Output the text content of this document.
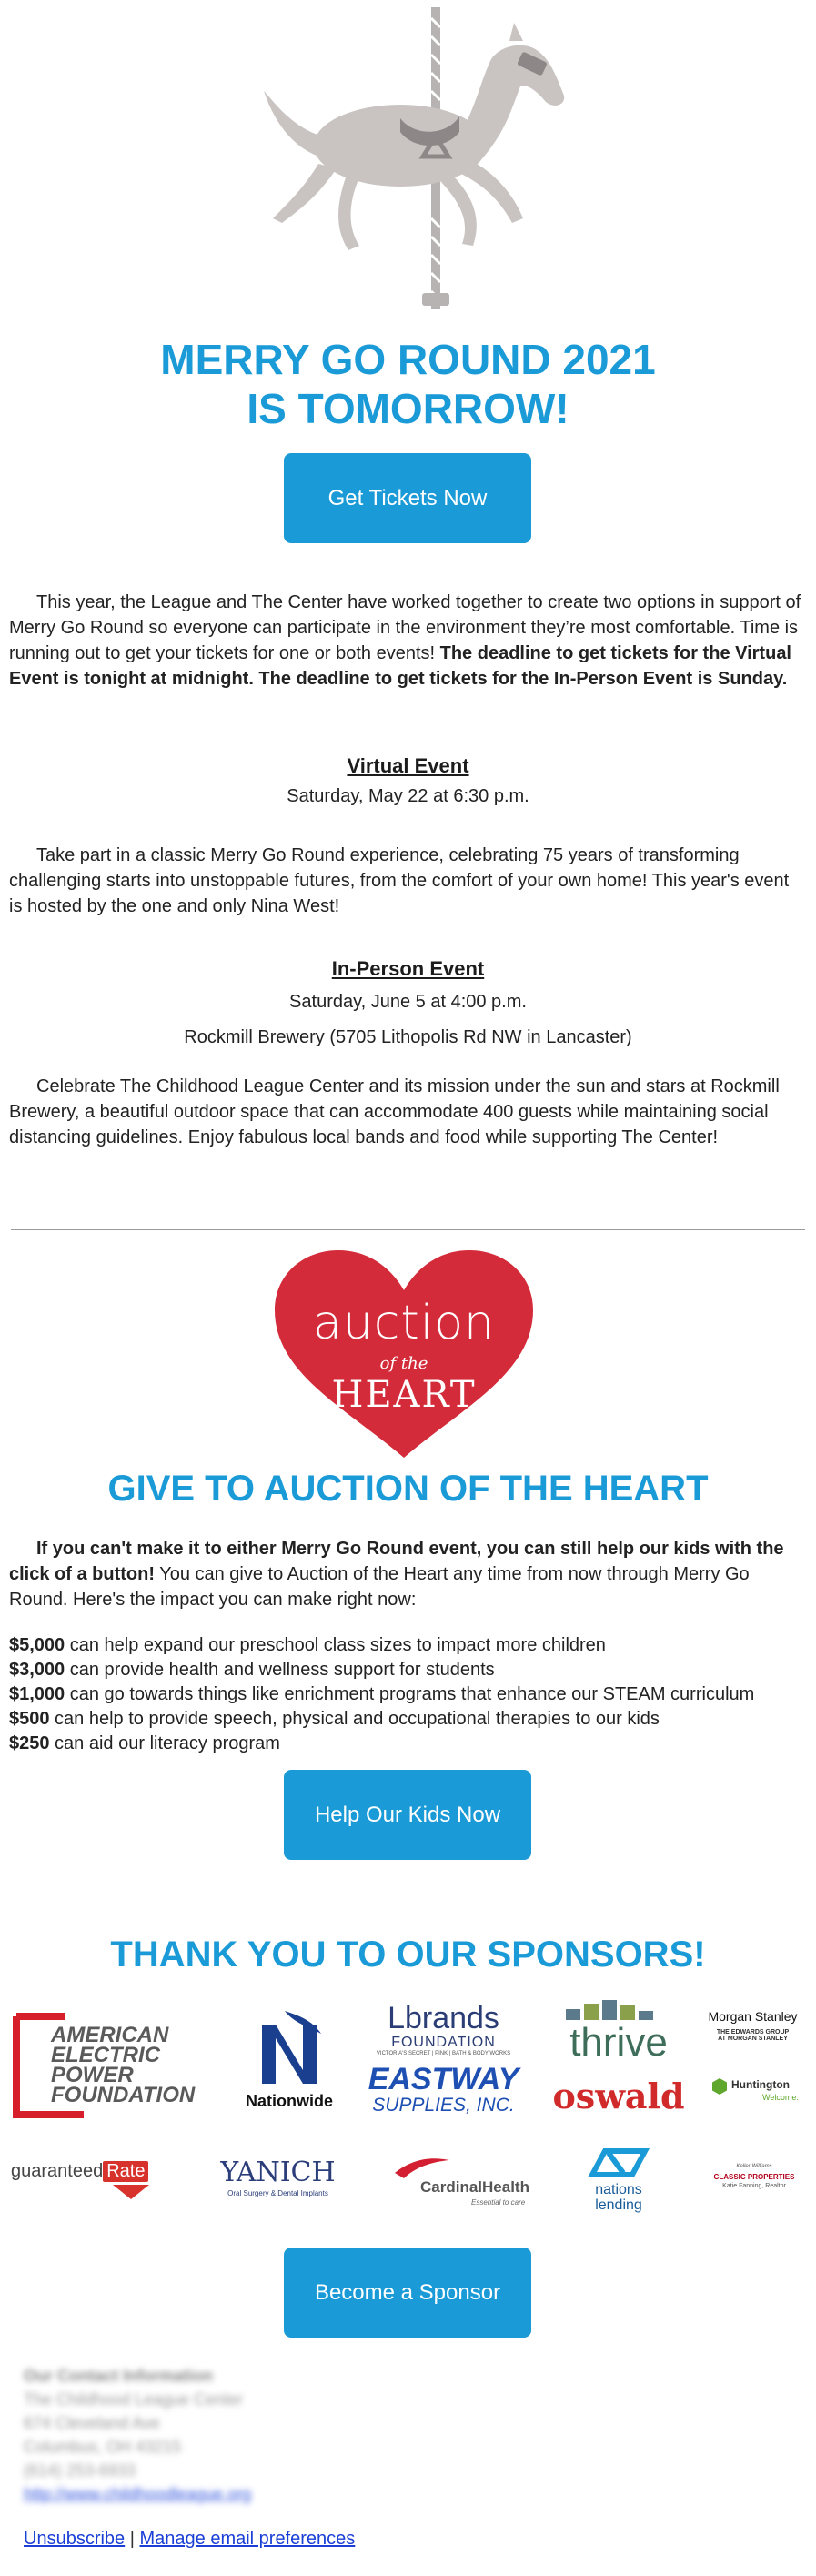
MERRY GO ROUND 2021
IS TOMORROW!
Get Tickets Now
This year, the League and The Center have worked together to create two options in support of Merry Go Round so everyone can participate in the environment they’re most comfortable. Time is running out to get your tickets for one or both events! The deadline to get tickets for the Virtual Event is tonight at midnight. The deadline to get tickets for the In-Person Event is Sunday.
Virtual Event
Saturday, May 22 at 6:30 p.m.
Take part in a classic Merry Go Round experience, celebrating 75 years of transforming challenging starts into unstoppable futures, from the comfort of your own home! This year's event is hosted by the one and only Nina West!
In-Person Event
Saturday, June 5 at 4:00 p.m.
Rockmill Brewery (5705 Lithopolis Rd NW in Lancaster)
Celebrate The Childhood League Center and its mission under the sun and stars at Rockmill Brewery, a beautiful outdoor space that can accommodate 400 guests while maintaining social distancing guidelines. Enjoy fabulous local bands and food while supporting The Center!
auction
of the
HEART
GIVE TO AUCTION OF THE HEART
If you can't make it to either Merry Go Round event, you can still help our kids with the click of a button! You can give to Auction of the Heart any time from now through Merry Go Round. Here's the impact you can make right now:
$5,000 can help expand our preschool class sizes to impact more children
$3,000 can provide health and wellness support for students
$1,000 can go towards things like enrichment programs that enhance our STEAM curriculum
$500 can help to provide speech, physical and occupational therapies to our kids
$250 can aid our literacy program
Help Our Kids Now
THANK YOU TO OUR SPONSORS!
AMERICAN
ELECTRIC
POWER
FOUNDATION	Nationwide
Lbrands
FOUNDATION
VICTORIA'S SECRET | PINK | BATH & BODY WORKS
EASTWAY
SUPPLIES, INC.
thrive
oswald
Morgan Stanley
THE EDWARDS GROUP
AT MORGAN STANLEY
Huntington
Welcome.
guaranteed Rate	YANICH
Oral Surgery & Dental Implants	CardinalHealth
Essential to care
nations
lending
Keller Williams
CLASSIC PROPERTIES
Katie Fanning, Realtor
Become a Sponsor
Our Contact Information
The Childhood League Center
674 Cleveland Ave
Columbus, OH 43215
(614) 253-6933
http://www.childhoodleague.org
Unsubscribe | Manage email preferences
